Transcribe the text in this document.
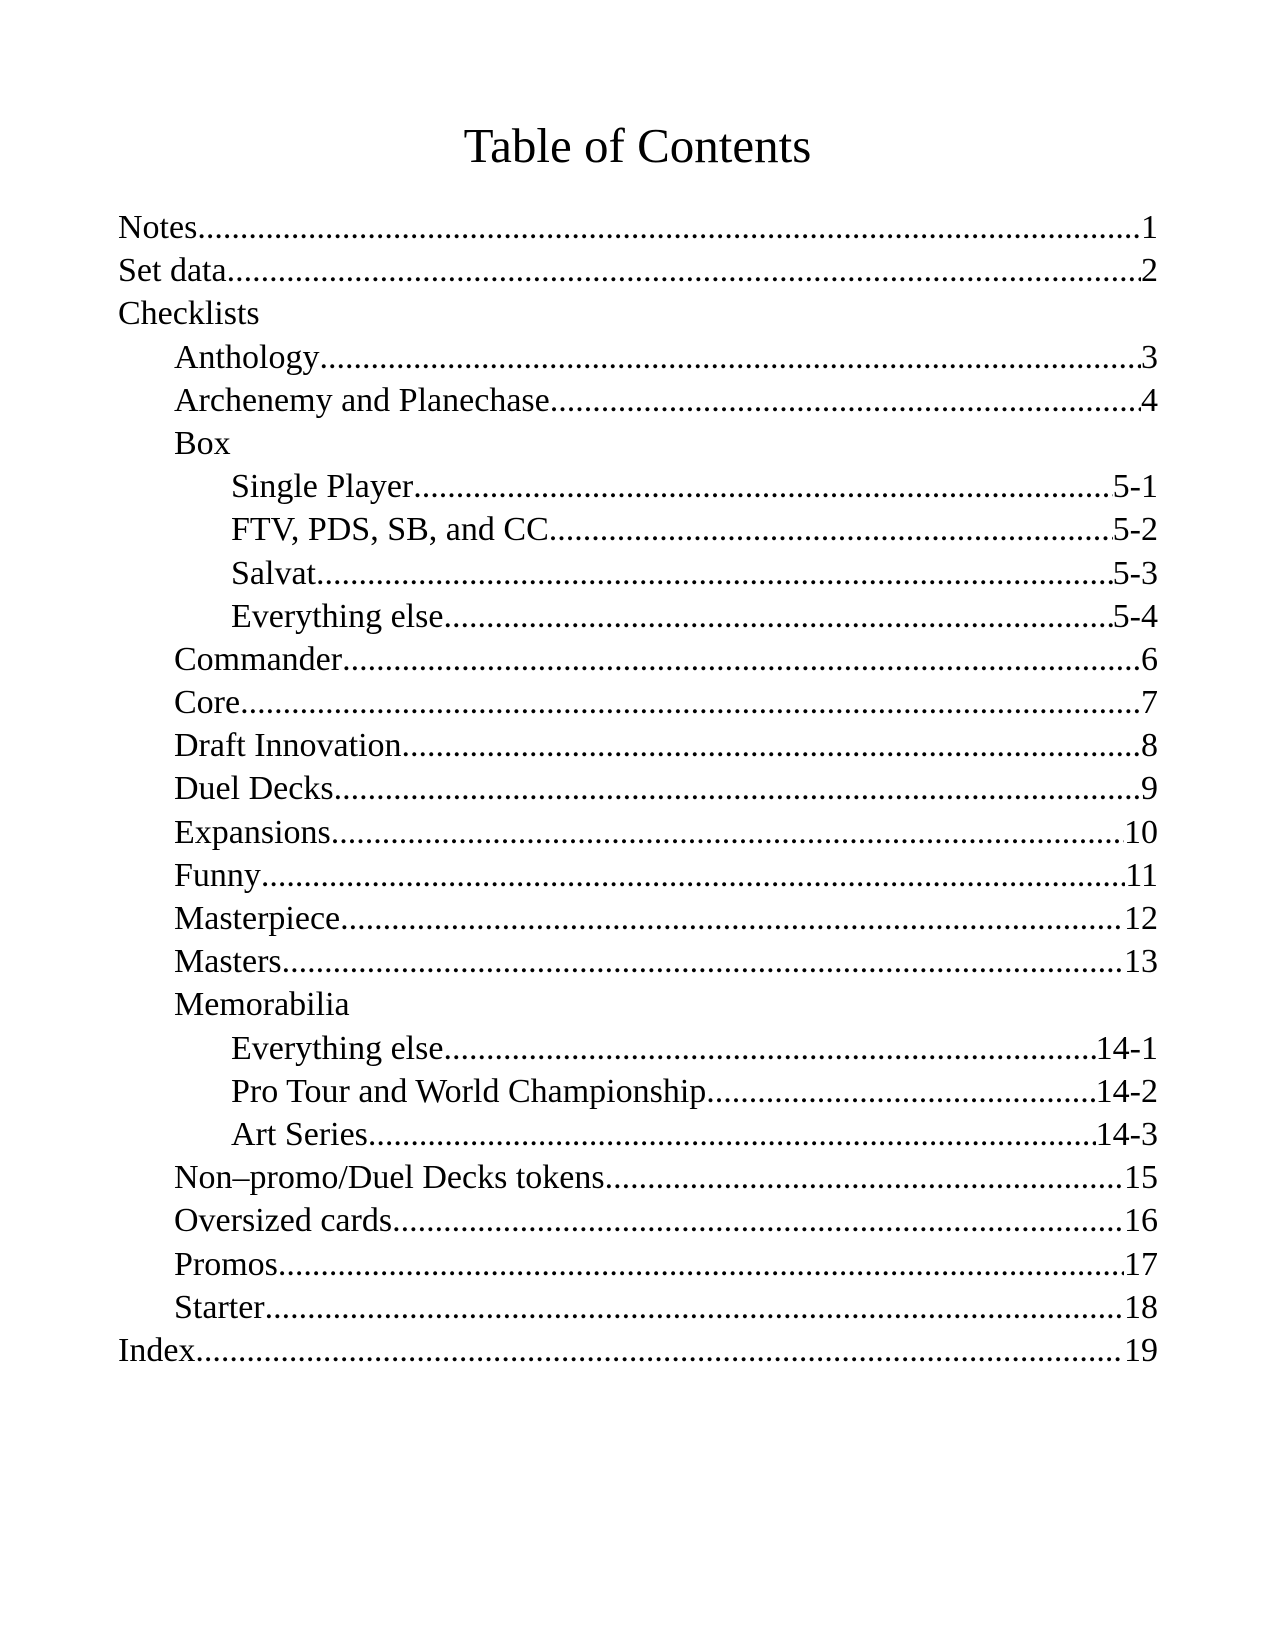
Table of Contents
Notes .....	1
Set data .....	2
Checklists
Anthology .....	3
Archenemy and Planechase .....	4
Box
Single Player .....	5-1
FTV, PDS, SB, and CC .....	5-2
Salvat .....	5-3
Everything else .....	5-4
Commander .....	6
Core .....	7
Draft Innovation .....	8
Duel Decks .....	9
Expansions .....	10
Funny .....	11
Masterpiece .....	12
Masters .....	13
Memorabilia
Everything else .....	14-1
Pro Tour and World Championship .....	14-2
Art Series .....	14-3
Non–promo/Duel Decks tokens .....	15
Oversized cards .....	16
Promos .....	17
Starter .....	18
Index .....	19
